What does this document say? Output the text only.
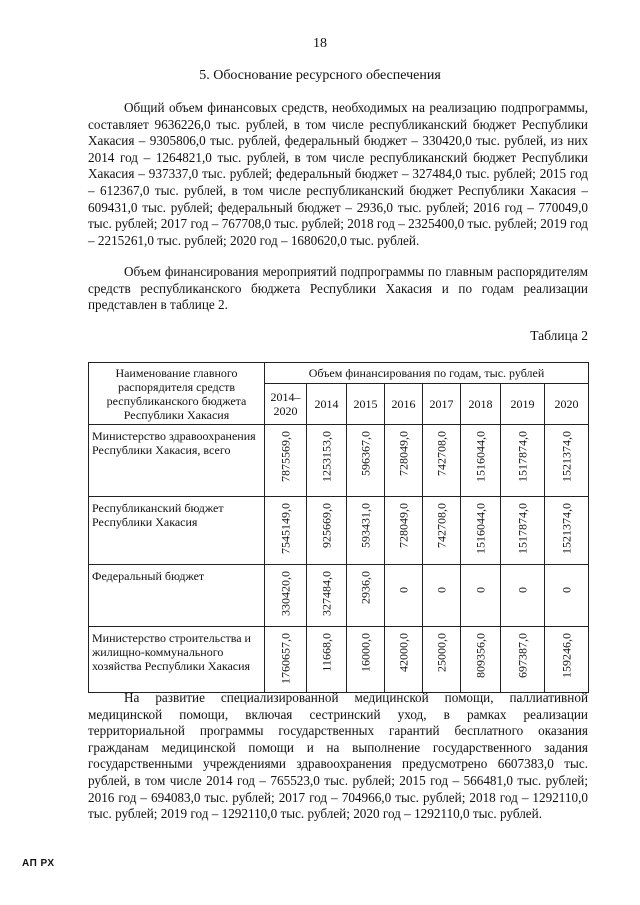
18
5. Обоснование ресурсного обеспечения

Общий объем финансовых средств, необходимых на реализацию подпрограммы, составляет 9636226,0 тыс. рублей, в том числе республиканский бюджет Республики Хакасия – 9305806,0 тыс. рублей, федеральный бюджет – 330420,0 тыс. рублей, из них 2014 год – 1264821,0 тыс. рублей, в том числе республиканский бюджет Республики Хакасия – 937337,0 тыс. рублей; федеральный бюджет – 327484,0 тыс. рублей; 2015 год – 612367,0 тыс. рублей, в том числе республиканский бюджет Республики Хакасия – 609431,0 тыс. рублей; федеральный бюджет – 2936,0 тыс. рублей; 2016 год – 770049,0 тыс. рублей; 2017 год – 767708,0 тыс. рублей; 2018 год – 2325400,0 тыс. рублей; 2019 год – 2215261,0 тыс. рублей; 2020 год – 1680620,0 тыс. рублей.

Объем финансирования мероприятий подпрограммы по главным распорядителям средств республиканского бюджета Республики Хакасия и по годам реализации представлен в таблице 2.

Таблица 2
Наименование главного распорядителя средств республиканского бюджета Республики Хакасия	Объем финансирования по годам, тыс. рублей							
	2014–2020	2014	2015	2016	2017	2018	2019	2020
Министерство здравоохранения Республики Хакасия, всего	7875569,0	1253153,0	596367,0	728049,0	742708,0	1516044,0	1517874,0	1521374,0

Республиканский бюджет Республики Хакасия	7545149,0	925669,0	593431,0	728049,0	742708,0	1516044,0	1517874,0	1521374,0

Федеральный бюджет	330420,0	327484,0	2936,0	0	0	0	0	0

Министерство строительства и жилищно-коммунального хозяйства Республики Хакасия	1760657,0	11668,0	16000,0	42000,0	25000,0	809356,0	697387,0	159246,0

На развитие специализированной медицинской помощи, паллиативной медицинской помощи, включая сестринский уход, в рамках реализации территориальной программы государственных гарантий бесплатного оказания гражданам медицинской помощи и на выполнение государственного задания государственными учреждениями здравоохранения предусмотрено 6607383,0 тыс. рублей, в том числе 2014 год – 765523,0 тыс. рублей; 2015 год – 566481,0 тыс. рублей; 2016 год – 694083,0 тыс. рублей; 2017 год – 704966,0 тыс. рублей; 2018 год – 1292110,0 тыс. рублей; 2019 год – 1292110,0 тыс. рублей; 2020 год – 1292110,0 тыс. рублей.

АП РХ
